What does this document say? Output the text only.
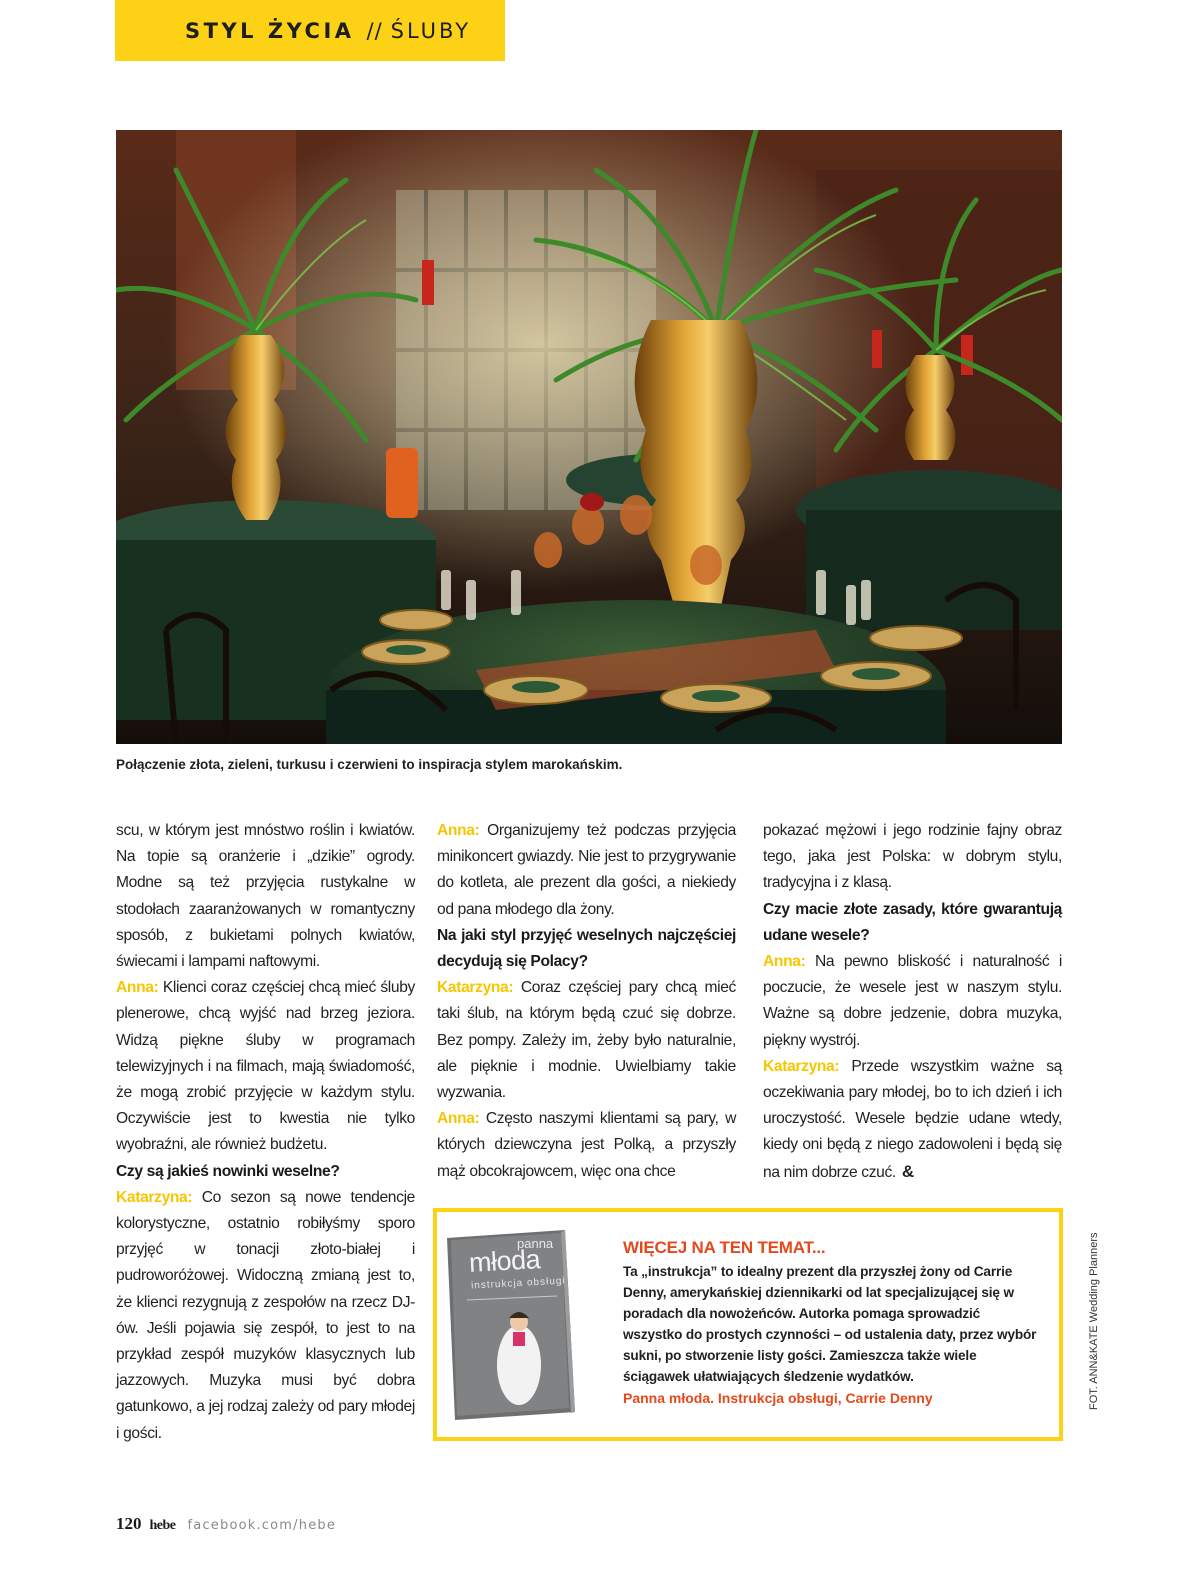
STYL ŻYCIA // ŚLUBY
Połączenie złota, zieleni, turkusu i czerwieni to inspiracja stylem marokańskim.

scu, w którym jest mnóstwo roślin i kwiatów. Na topie są oranżerie i „dzikie” ogrody. Modne są też przyjęcia rustykalne w stodołach zaaranżowanych w romantyczny sposób, z bukietami polnych kwiatów, świecami i lampami naftowymi.

Anna: Klienci coraz częściej chcą mieć śluby plenerowe, chcą wyjść nad brzeg jeziora. Widzą piękne śluby w programach telewizyjnych i na filmach, mają świadomość, że mogą zrobić przyjęcie w każdym stylu. Oczywiście jest to kwestia nie tylko wyobraźni, ale również budżetu.

Czy są jakieś nowinki weselne?

Katarzyna: Co sezon są nowe tendencje kolorystyczne, ostatnio robiłyśmy sporo przyjęć w tonacji złoto-białej i pudroworóżowej. Widoczną zmianą jest to, że klienci rezygnują z zespołów na rzecz DJ-ów. Jeśli pojawia się zespół, to jest to na przykład zespół muzyków klasycznych lub jazzowych. Muzyka musi być dobra gatunkowo, a jej rodzaj zależy od pary młodej i gości.

Anna: Organizujemy też podczas przyjęcia minikoncert gwiazdy. Nie jest to przygrywanie do kotleta, ale prezent dla gości, a niekiedy od pana młodego dla żony.

Na jaki styl przyjęć weselnych najczęściej decydują się Polacy?

Katarzyna: Coraz częściej pary chcą mieć taki ślub, na którym będą czuć się dobrze. Bez pompy. Zależy im, żeby było naturalnie, ale pięknie i modnie. Uwielbiamy takie wyzwania.

Anna: Często naszymi klientami są pary, w których dziewczyna jest Polką, a przyszły mąż obcokrajowcem, więc ona chce

pokazać mężowi i jego rodzinie fajny obraz tego, jaka jest Polska: w dobrym stylu, tradycyjna i z klasą.

Czy macie złote zasady, które gwarantują udane wesele?

Anna: Na pewno bliskość i naturalność i poczucie, że wesele jest w naszym stylu. Ważne są dobre jedzenie, dobra muzyka, piękny wystrój.

Katarzyna: Przede wszystkim ważne są oczekiwania pary młodej, bo to ich dzień i ich uroczystość. Wesele będzie udane wtedy, kiedy oni będą z niego zadowoleni i będą się na nim dobrze czuć. &

panna
młoda
instrukcja obsługi
WIĘCEJ NA TEN TEMAT...
Ta „instrukcja” to idealny prezent dla przyszłej żony od Carrie Denny, amerykańskiej dziennikarki od lat specjalizującej się w poradach dla nowożeńców. Autorka pomaga sprowadzić wszystko do prostych czynności – od ustalenia daty, przez wybór sukni, po stworzenie listy gości. Zamieszcza także wiele ściągawek ułatwiających śledzenie wydatków.
Panna młoda. Instrukcja obsługi, Carrie Denny	FOT. ANN&KATE Wedding Planners
120 hebe facebook.com/hebe
